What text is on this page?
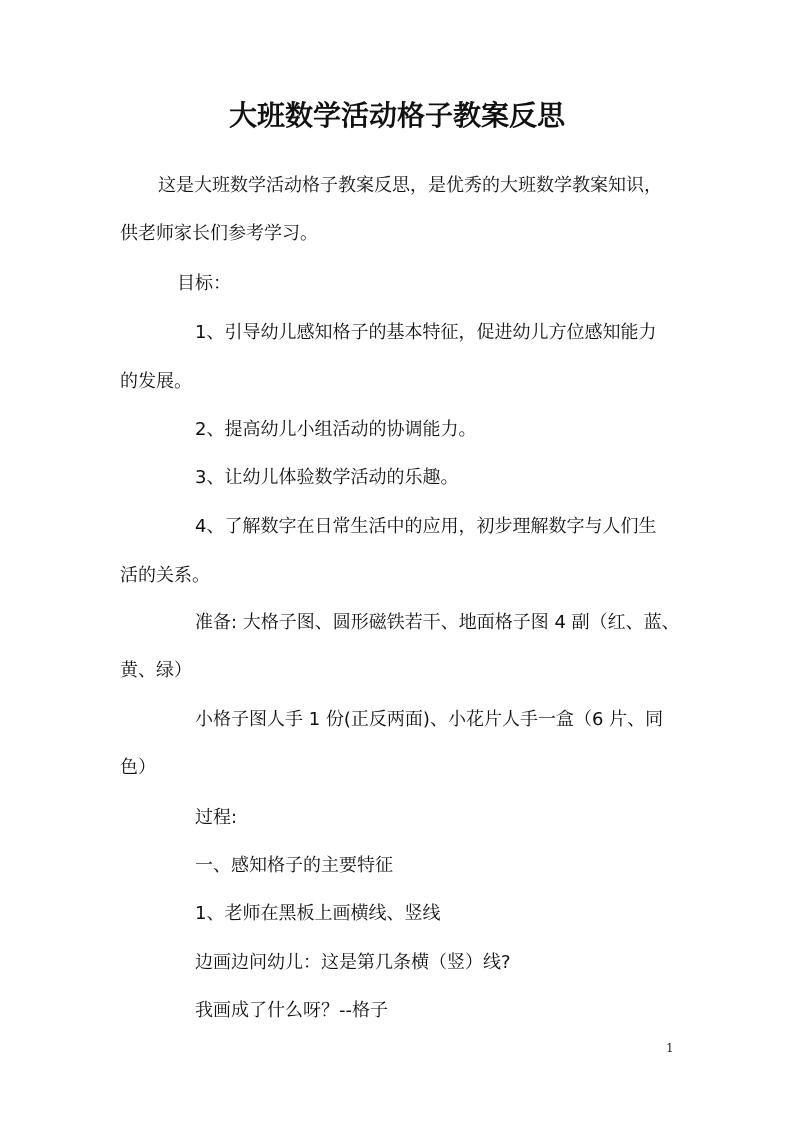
大班数学活动格子教案反思
这是大班数学活动格子教案反思，是优秀的大班数学教案知识，
供老师家长们参考学习。
目标：
1、引导幼儿感知格子的基本特征，促进幼儿方位感知能力
的发展。
2、提高幼儿小组活动的协调能力。
3、让幼儿体验数学活动的乐趣。
4、了解数字在日常生活中的应用，初步理解数字与人们生
活的关系。
准备: 大格子图、圆形磁铁若干、地面格子图 4 副（红、蓝、
黄、绿）
小格子图人手 1 份(正反两面)、小花片人手一盒（6 片、同
色）
过程:
一、感知格子的主要特征
1、老师在黑板上画横线、竖线
边画边问幼儿：这是第几条横（竖）线?
我画成了什么呀？--格子
1
